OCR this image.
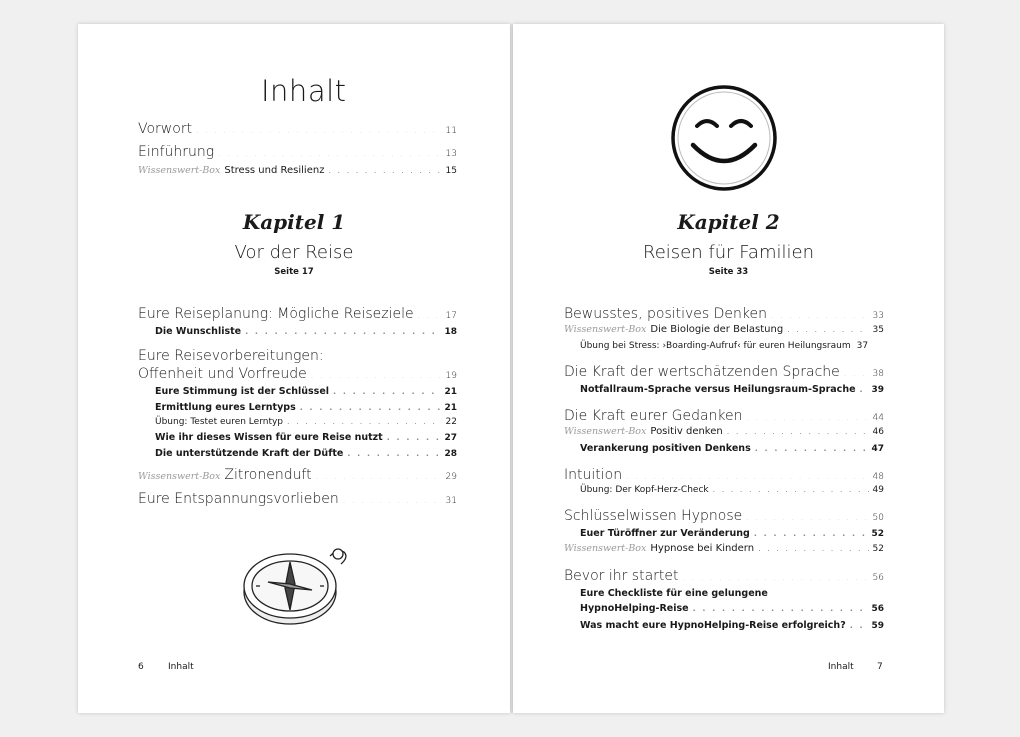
Inhalt
Vorwort . . .	11
Einführung . . .	13
Wissenswert-Box Stress und Resilienz . . .	15
Kapitel 1
Vor der Reise
Seite 17
Eure Reiseplanung: Mögliche Reiseziele . . .	17
Die Wunschliste . . .	18
Eure Reisevorbereitungen:
Offenheit und Vorfreude . . .	19
Eure Stimmung ist der Schlüssel . . .	21
Ermittlung eures Lerntyps . . .	21
Übung: Testet euren Lerntyp . . .	22
Wie ihr dieses Wissen für eure Reise nutzt . . .	27
Die unterstützende Kraft der Düfte . . .	28
Wissenswert-Box Zitronenduft . . .	29
Eure Entspannungsvorlieben . . .	31
6	Inhalt
Kapitel 2
Reisen für Familien
Seite 33
Bewusstes, positives Denken . . .	33
Wissenswert-Box Die Biologie der Belastung . . .	35
Übung bei Stress: ›Boarding-Aufruf‹ für euren Heilungsraum 37
Die Kraft der wertschätzenden Sprache . . .	38
Notfallraum-Sprache versus Heilungsraum-Sprache . . . 39
Die Kraft eurer Gedanken . . .	44
Wissenswert-Box Positiv denken . . .	46
Verankerung positiven Denkens . . .	47
Intuition . . .	48
Übung: Der Kopf-Herz-Check . . .	49
Schlüsselwissen Hypnose . . .	50
Euer Türöffner zur Veränderung . . .	52
Wissenswert-Box Hypnose bei Kindern . . .	52
Bevor ihr startet . . .	56
Eure Checkliste für eine gelungene
HypnoHelping-Reise . . .	56
Was macht eure HypnoHelping-Reise erfolgreich? . . .	59
Inhalt	7
